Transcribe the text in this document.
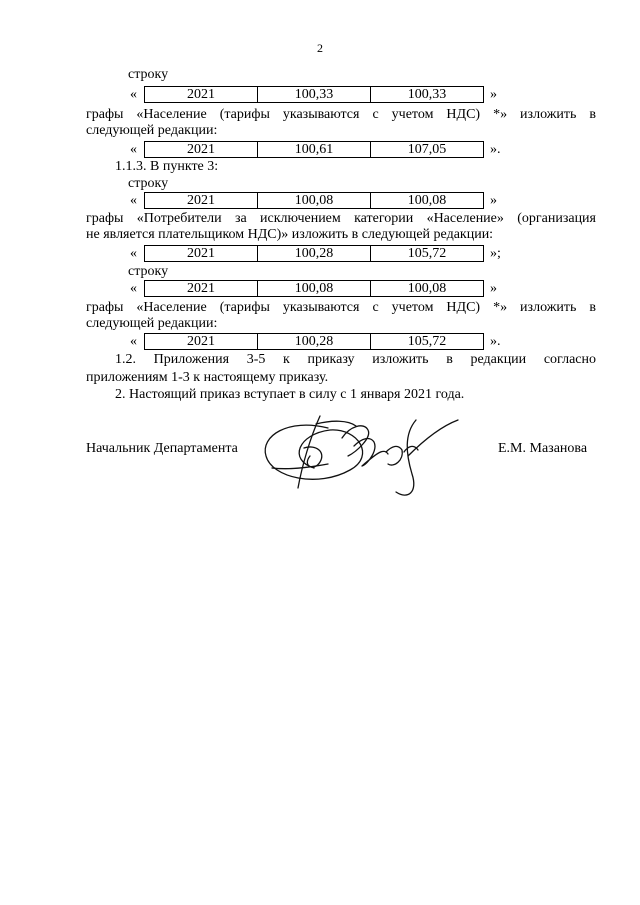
2
строку
«	2021	100,33	100,33	»
графы «Население (тарифы указываются с учетом НДС) *» изложить в
следующей редакции:
«	2021	100,61	107,05	».
1.1.3. В пункте 3:
строку
«	2021	100,08	100,08	»
графы «Потребители за исключением категории «Население» (организация
не является плательщиком НДС)» изложить в следующей редакции:
«	2021	100,28	105,72	»;
строку
«	2021	100,08	100,08	»
графы «Население (тарифы указываются с учетом НДС) *» изложить в
следующей редакции:
«	2021	100,28	105,72	».
1.2. Приложения 3-5 к приказу изложить в редакции согласно
приложениям 1-3 к настоящему приказу.
2. Настоящий приказ вступает в силу с 1 января 2021 года.
Начальник Департамента	Е.М. Мазанова
